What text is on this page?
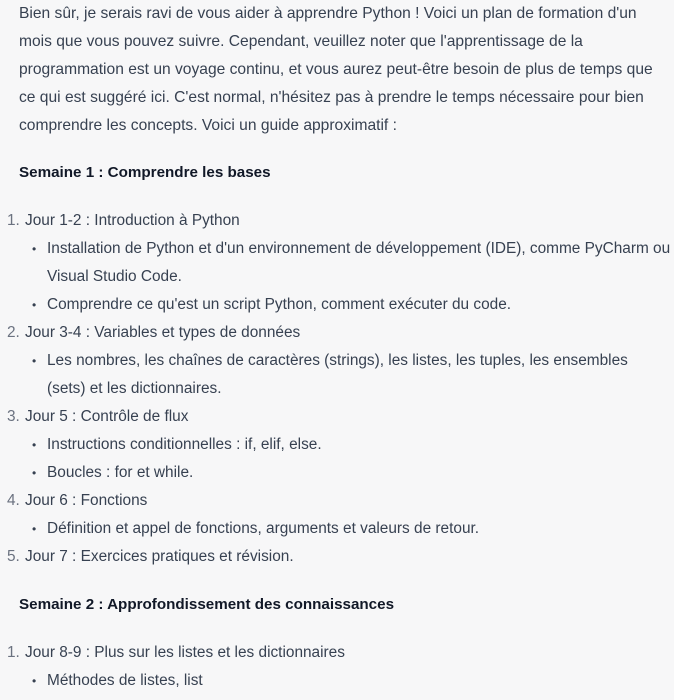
Bien sûr, je serais ravi de vous aider à apprendre Python ! Voici un plan de formation d'un mois que vous pouvez suivre. Cependant, veuillez noter que l'apprentissage de la programmation est un voyage continu, et vous aurez peut-être besoin de plus de temps que ce qui est suggéré ici. C'est normal, n'hésitez pas à prendre le temps nécessaire pour bien comprendre les concepts. Voici un guide approximatif :

Semaine 1 : Comprendre les bases

1. Jour 1-2 : Introduction à Python
• Installation de Python et d'un environnement de développement (IDE), comme PyCharm ou Visual Studio Code.
• Comprendre ce qu'est un script Python, comment exécuter du code.
2. Jour 3-4 : Variables et types de données
• Les nombres, les chaînes de caractères (strings), les listes, les tuples, les ensembles (sets) et les dictionnaires.
3. Jour 5 : Contrôle de flux
• Instructions conditionnelles : if, elif, else.
• Boucles : for et while.
4. Jour 6 : Fonctions
• Définition et appel de fonctions, arguments et valeurs de retour.
5. Jour 7 : Exercices pratiques et révision.

Semaine 2 : Approfondissement des connaissances

1. Jour 8-9 : Plus sur les listes et les dictionnaires
• Méthodes de listes, list
